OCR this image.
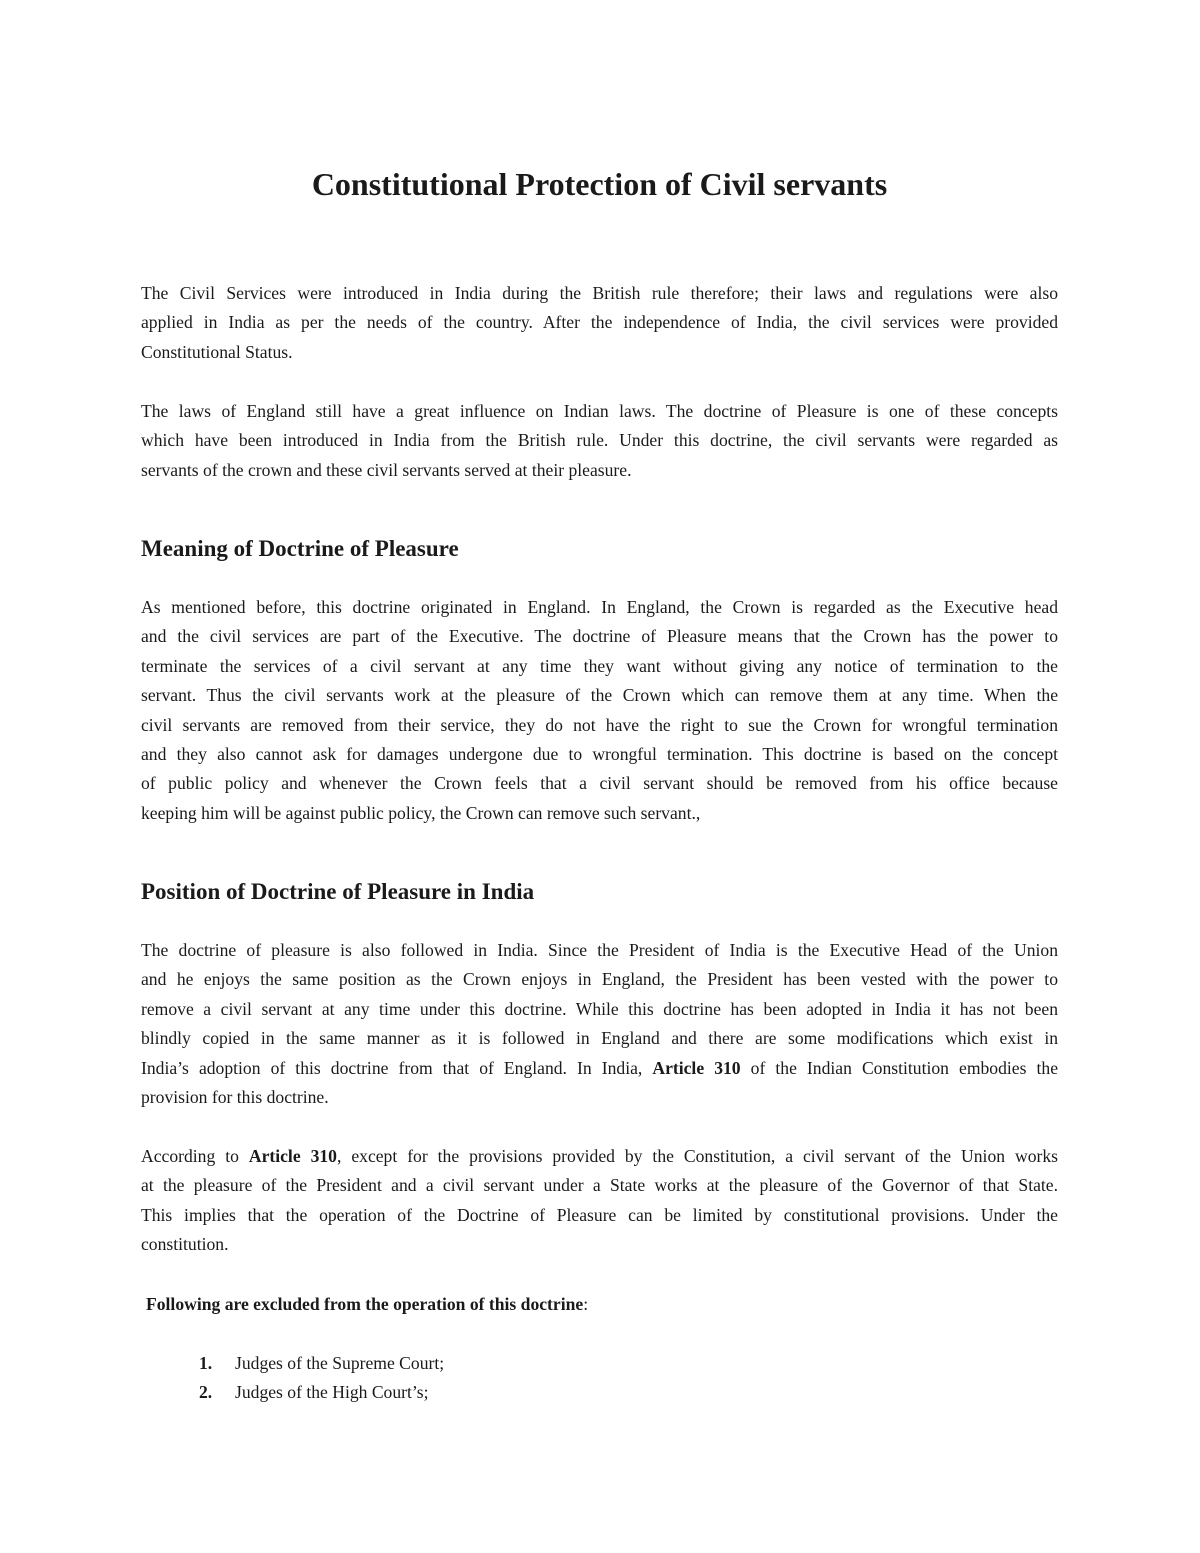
Constitutional Protection of Civil servants
The Civil Services were introduced in India during the British rule therefore; their laws and regulations were also
applied in India as per the needs of the country. After the independence of India, the civil services were provided
Constitutional Status.
The laws of England still have a great influence on Indian laws. The doctrine of Pleasure is one of these concepts
which have been introduced in India from the British rule. Under this doctrine, the civil servants were regarded as
servants of the crown and these civil servants served at their pleasure.
Meaning of Doctrine of Pleasure
As mentioned before, this doctrine originated in England. In England, the Crown is regarded as the Executive head
and the civil services are part of the Executive. The doctrine of Pleasure means that the Crown has the power to
terminate the services of a civil servant at any time they want without giving any notice of termination to the
servant. Thus the civil servants work at the pleasure of the Crown which can remove them at any time. When the
civil servants are removed from their service, they do not have the right to sue the Crown for wrongful termination
and they also cannot ask for damages undergone due to wrongful termination. This doctrine is based on the concept
of public policy and whenever the Crown feels that a civil servant should be removed from his office because
keeping him will be against public policy, the Crown can remove such servant.,
Position of Doctrine of Pleasure in India
The doctrine of pleasure is also followed in India. Since the President of India is the Executive Head of the Union
and he enjoys the same position as the Crown enjoys in England, the President has been vested with the power to
remove a civil servant at any time under this doctrine. While this doctrine has been adopted in India it has not been
blindly copied in the same manner as it is followed in England and there are some modifications which exist in
India’s adoption of this doctrine from that of England. In India, Article 310 of the Indian Constitution embodies the
provision for this doctrine.
According to Article 310, except for the provisions provided by the Constitution, a civil servant of the Union works
at the pleasure of the President and a civil servant under a State works at the pleasure of the Governor of that State.
This implies that the operation of the Doctrine of Pleasure can be limited by constitutional provisions. Under the
constitution.

Following are excluded from the operation of this doctrine:

1.	Judges of the Supreme Court;
2.	Judges of the High Court’s;
